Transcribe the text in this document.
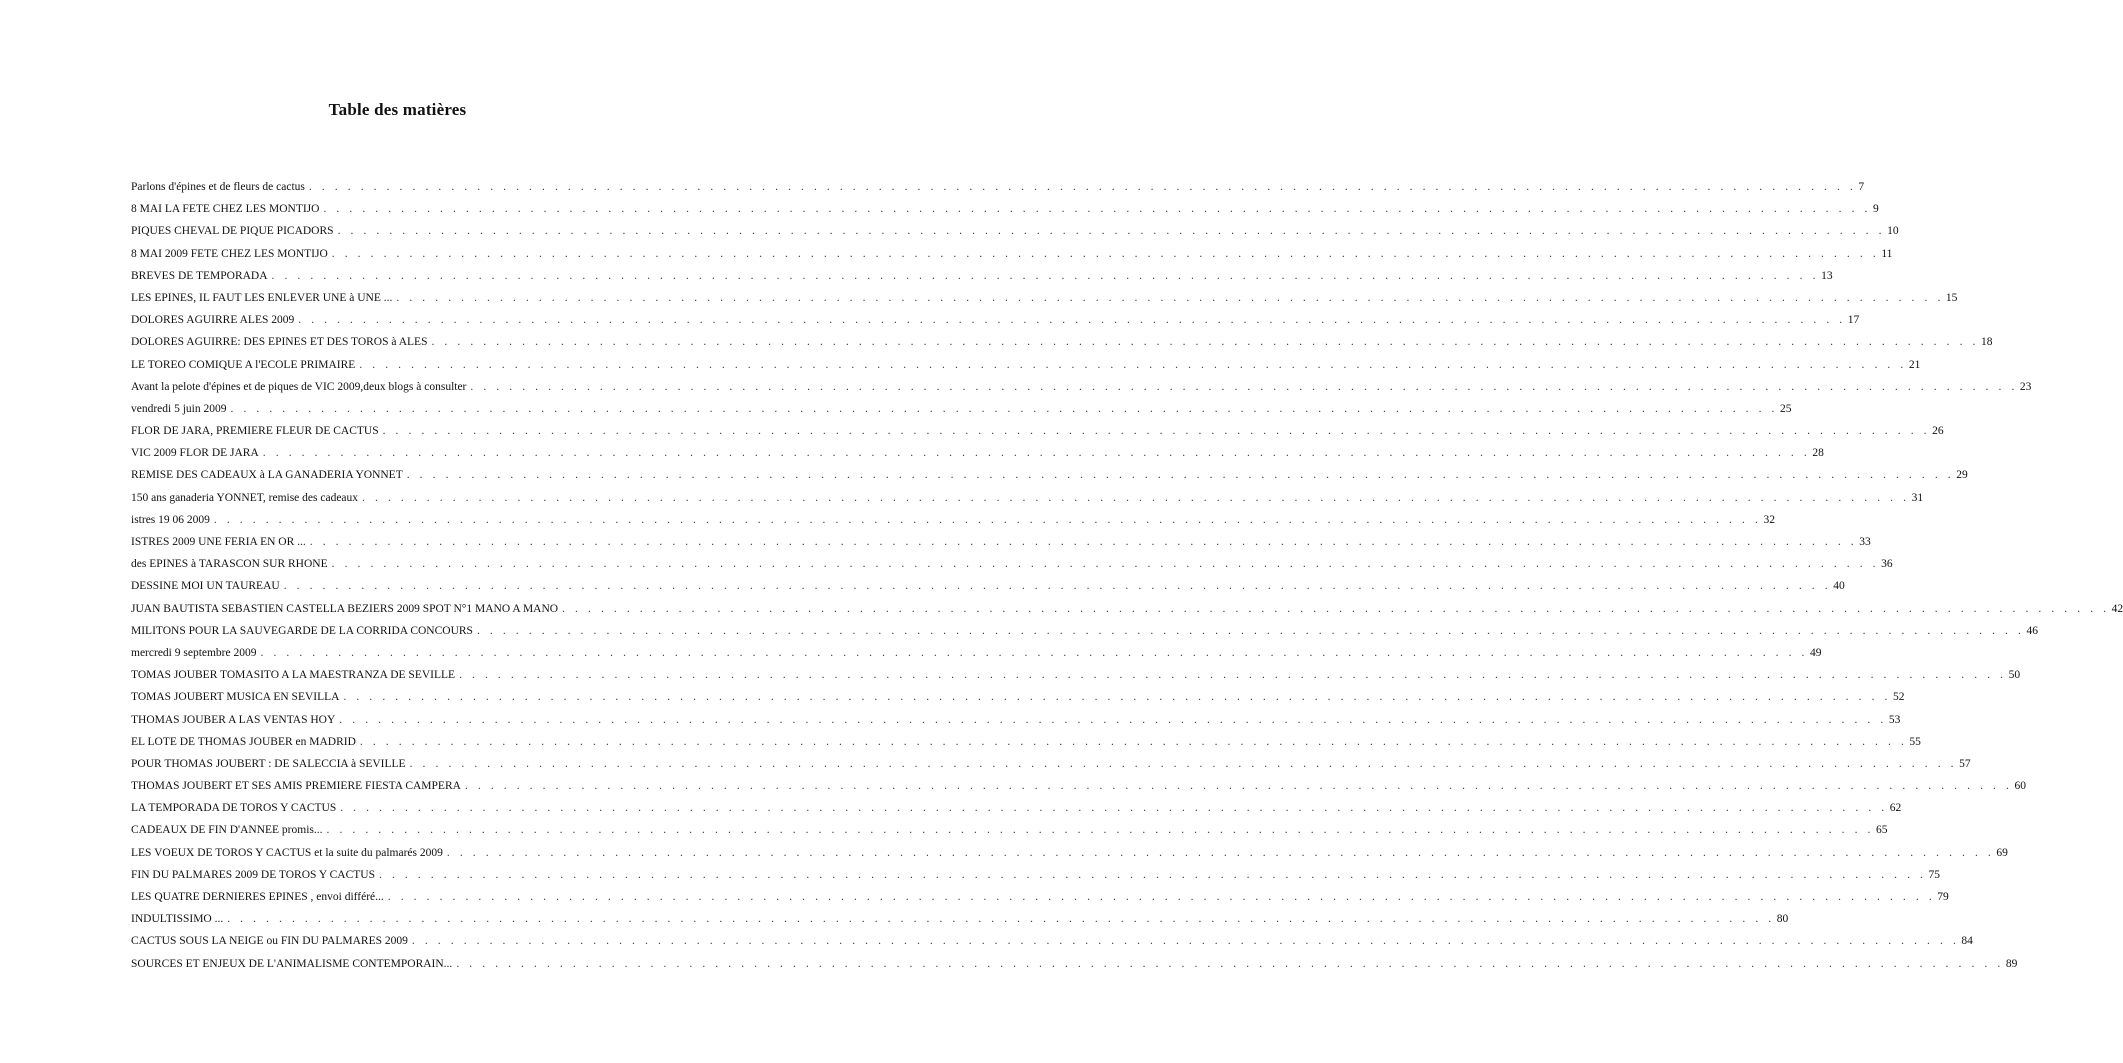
Table des matières
Parlons d'épines et de fleurs de cactus . . . . . . . . . . . . . . . . . . . . . . . . . . . . . . . . . . . . . . . . . . . . . . . . . . . . . . . . . . . . . . . . . . . . . . . . . . . . . . . . . . . . . . . . . . . . . . . . . . . . . . . . . . . . . . . . . . . . . . . . 7
8 MAI LA FETE CHEZ LES MONTIJO . . . . . . . . . . . . . . . . . . . . . . . . . . . . . . . . . . . . . . . . . . . . . . . . . . . . . . . . . . . . . . . . . . . . . . . . . . . . . . . . . . . . . . . . . . . . . . . . . . . . . . . . . . . . . . . . . . . . . . . . 9
PIQUES CHEVAL DE PIQUE PICADORS . . . . . . . . . . . . . . . . . . . . . . . . . . . . . . . . . . . . . . . . . . . . . . . . . . . . . . . . . . . . . . . . . . . . . . . . . . . . . . . . . . . . . . . . . . . . . . . . . . . . . . . . . . . . . . . . . . . . . . . . 10
8 MAI 2009 FETE CHEZ LES MONTIJO . . . . . . . . . . . . . . . . . . . . . . . . . . . . . . . . . . . . . . . . . . . . . . . . . . . . . . . . . . . . . . . . . . . . . . . . . . . . . . . . . . . . . . . . . . . . . . . . . . . . . . . . . . . . . . . . . . . . . . . . 11
BREVES DE TEMPORADA . . . . . . . . . . . . . . . . . . . . . . . . . . . . . . . . . . . . . . . . . . . . . . . . . . . . . . . . . . . . . . . . . . . . . . . . . . . . . . . . . . . . . . . . . . . . . . . . . . . . . . . . . . . . . . . . . . . . . . . . 13
LES EPINES, IL FAUT LES ENLEVER UNE à UNE ... . . . . . . . . . . . . . . . . . . . . . . . . . . . . . . . . . . . . . . . . . . . . . . . . . . . . . . . . . . . . . . . . . . . . . . . . . . . . . . . . . . . . . . . . . . . . . . . . . . . . . . . . . . . . . . . . . . . . . . . . 15
DOLORES AGUIRRE ALES 2009 . . . . . . . . . . . . . . . . . . . . . . . . . . . . . . . . . . . . . . . . . . . . . . . . . . . . . . . . . . . . . . . . . . . . . . . . . . . . . . . . . . . . . . . . . . . . . . . . . . . . . . . . . . . . . . . . . . . . . . . . 17
DOLORES AGUIRRE: DES EPINES ET DES TOROS à ALES . . . . . . . . . . . . . . . . . . . . . . . . . . . . . . . . . . . . . . . . . . . . . . . . . . . . . . . . . . . . . . . . . . . . . . . . . . . . . . . . . . . . . . . . . . . . . . . . . . . . . . . . . . . . . . . . . . . . . . . . 18
LE TOREO COMIQUE A l'ECOLE PRIMAIRE . . . . . . . . . . . . . . . . . . . . . . . . . . . . . . . . . . . . . . . . . . . . . . . . . . . . . . . . . . . . . . . . . . . . . . . . . . . . . . . . . . . . . . . . . . . . . . . . . . . . . . . . . . . . . . . . . . . . . . . . 21
Avant la pelote d'épines et de piques de VIC 2009,deux blogs à consulter . . . . . . . . . . . . . . . . . . . . . . . . . . . . . . . . . . . . . . . . . . . . . . . . . . . . . . . . . . . . . . . . . . . . . . . . . . . . . . . . . . . . . . . . . . . . . . . . . . . . . . . . . . . . . . . . . . . . . . . . 23
vendredi 5 juin 2009 . . . . . . . . . . . . . . . . . . . . . . . . . . . . . . . . . . . . . . . . . . . . . . . . . . . . . . . . . . . . . . . . . . . . . . . . . . . . . . . . . . . . . . . . . . . . . . . . . . . . . . . . . . . . . . . . . . . . . . . . 25
FLOR DE JARA, PREMIERE FLEUR DE CACTUS . . . . . . . . . . . . . . . . . . . . . . . . . . . . . . . . . . . . . . . . . . . . . . . . . . . . . . . . . . . . . . . . . . . . . . . . . . . . . . . . . . . . . . . . . . . . . . . . . . . . . . . . . . . . . . . . . . . . . . . . 26
VIC 2009 FLOR DE JARA . . . . . . . . . . . . . . . . . . . . . . . . . . . . . . . . . . . . . . . . . . . . . . . . . . . . . . . . . . . . . . . . . . . . . . . . . . . . . . . . . . . . . . . . . . . . . . . . . . . . . . . . . . . . . . . . . . . . . . . . 28
REMISE DES CADEAUX à LA GANADERIA YONNET . . . . . . . . . . . . . . . . . . . . . . . . . . . . . . . . . . . . . . . . . . . . . . . . . . . . . . . . . . . . . . . . . . . . . . . . . . . . . . . . . . . . . . . . . . . . . . . . . . . . . . . . . . . . . . . . . . . . . . . . 29
150 ans ganaderia YONNET, remise des cadeaux . . . . . . . . . . . . . . . . . . . . . . . . . . . . . . . . . . . . . . . . . . . . . . . . . . . . . . . . . . . . . . . . . . . . . . . . . . . . . . . . . . . . . . . . . . . . . . . . . . . . . . . . . . . . . . . . . . . . . . . . 31
istres 19 06 2009 . . . . . . . . . . . . . . . . . . . . . . . . . . . . . . . . . . . . . . . . . . . . . . . . . . . . . . . . . . . . . . . . . . . . . . . . . . . . . . . . . . . . . . . . . . . . . . . . . . . . . . . . . . . . . . . . . . . . . . . . 32
ISTRES 2009 UNE FERIA EN OR ... . . . . . . . . . . . . . . . . . . . . . . . . . . . . . . . . . . . . . . . . . . . . . . . . . . . . . . . . . . . . . . . . . . . . . . . . . . . . . . . . . . . . . . . . . . . . . . . . . . . . . . . . . . . . . . . . . . . . . . . . 33
des EPINES à TARASCON SUR RHONE . . . . . . . . . . . . . . . . . . . . . . . . . . . . . . . . . . . . . . . . . . . . . . . . . . . . . . . . . . . . . . . . . . . . . . . . . . . . . . . . . . . . . . . . . . . . . . . . . . . . . . . . . . . . . . . . . . . . . . . . 36
DESSINE MOI UN TAUREAU . . . . . . . . . . . . . . . . . . . . . . . . . . . . . . . . . . . . . . . . . . . . . . . . . . . . . . . . . . . . . . . . . . . . . . . . . . . . . . . . . . . . . . . . . . . . . . . . . . . . . . . . . . . . . . . . . . . . . . . . 40
JUAN BAUTISTA SEBASTIEN CASTELLA BEZIERS 2009 SPOT N°1 MANO A MANO . . . . . . . . . . . . . . . . . . . . . . . . . . . . . . . . . . . . . . . . . . . . . . . . . . . . . . . . . . . . . . . . . . . . . . . . . . . . . . . . . . . . . . . . . . . . . . . . . . . . . . . . . . . . . . . . . . . . . . . . 42
MILITONS POUR LA SAUVEGARDE DE LA CORRIDA CONCOURS . . . . . . . . . . . . . . . . . . . . . . . . . . . . . . . . . . . . . . . . . . . . . . . . . . . . . . . . . . . . . . . . . . . . . . . . . . . . . . . . . . . . . . . . . . . . . . . . . . . . . . . . . . . . . . . . . . . . . . . . 46
mercredi 9 septembre 2009 . . . . . . . . . . . . . . . . . . . . . . . . . . . . . . . . . . . . . . . . . . . . . . . . . . . . . . . . . . . . . . . . . . . . . . . . . . . . . . . . . . . . . . . . . . . . . . . . . . . . . . . . . . . . . . . . . . . . . . . . 49
TOMAS JOUBER TOMASITO A LA MAESTRANZA DE SEVILLE . . . . . . . . . . . . . . . . . . . . . . . . . . . . . . . . . . . . . . . . . . . . . . . . . . . . . . . . . . . . . . . . . . . . . . . . . . . . . . . . . . . . . . . . . . . . . . . . . . . . . . . . . . . . . . . . . . . . . . . . 50
TOMAS JOUBERT MUSICA EN SEVILLA . . . . . . . . . . . . . . . . . . . . . . . . . . . . . . . . . . . . . . . . . . . . . . . . . . . . . . . . . . . . . . . . . . . . . . . . . . . . . . . . . . . . . . . . . . . . . . . . . . . . . . . . . . . . . . . . . . . . . . . . 52
THOMAS JOUBER A LAS VENTAS HOY . . . . . . . . . . . . . . . . . . . . . . . . . . . . . . . . . . . . . . . . . . . . . . . . . . . . . . . . . . . . . . . . . . . . . . . . . . . . . . . . . . . . . . . . . . . . . . . . . . . . . . . . . . . . . . . . . . . . . . . . 53
EL LOTE DE THOMAS JOUBER en MADRID . . . . . . . . . . . . . . . . . . . . . . . . . . . . . . . . . . . . . . . . . . . . . . . . . . . . . . . . . . . . . . . . . . . . . . . . . . . . . . . . . . . . . . . . . . . . . . . . . . . . . . . . . . . . . . . . . . . . . . . . 55
POUR THOMAS JOUBERT : DE SALECCIA à SEVILLE . . . . . . . . . . . . . . . . . . . . . . . . . . . . . . . . . . . . . . . . . . . . . . . . . . . . . . . . . . . . . . . . . . . . . . . . . . . . . . . . . . . . . . . . . . . . . . . . . . . . . . . . . . . . . . . . . . . . . . . . 57
THOMAS JOUBERT ET SES AMIS PREMIERE FIESTA CAMPERA . . . . . . . . . . . . . . . . . . . . . . . . . . . . . . . . . . . . . . . . . . . . . . . . . . . . . . . . . . . . . . . . . . . . . . . . . . . . . . . . . . . . . . . . . . . . . . . . . . . . . . . . . . . . . . . . . . . . . . . . 60
LA TEMPORADA DE TOROS Y CACTUS . . . . . . . . . . . . . . . . . . . . . . . . . . . . . . . . . . . . . . . . . . . . . . . . . . . . . . . . . . . . . . . . . . . . . . . . . . . . . . . . . . . . . . . . . . . . . . . . . . . . . . . . . . . . . . . . . . . . . . . . 62
CADEAUX DE FIN D'ANNEE promis... . . . . . . . . . . . . . . . . . . . . . . . . . . . . . . . . . . . . . . . . . . . . . . . . . . . . . . . . . . . . . . . . . . . . . . . . . . . . . . . . . . . . . . . . . . . . . . . . . . . . . . . . . . . . . . . . . . . . . . . . 65
LES VOEUX DE TOROS Y CACTUS et la suite du palmarés 2009 . . . . . . . . . . . . . . . . . . . . . . . . . . . . . . . . . . . . . . . . . . . . . . . . . . . . . . . . . . . . . . . . . . . . . . . . . . . . . . . . . . . . . . . . . . . . . . . . . . . . . . . . . . . . . . . . . . . . . . . . 69
FIN DU PALMARES 2009 DE TOROS Y CACTUS . . . . . . . . . . . . . . . . . . . . . . . . . . . . . . . . . . . . . . . . . . . . . . . . . . . . . . . . . . . . . . . . . . . . . . . . . . . . . . . . . . . . . . . . . . . . . . . . . . . . . . . . . . . . . . . . . . . . . . . . 75
LES QUATRE DERNIERES EPINES , envoi différé... . . . . . . . . . . . . . . . . . . . . . . . . . . . . . . . . . . . . . . . . . . . . . . . . . . . . . . . . . . . . . . . . . . . . . . . . . . . . . . . . . . . . . . . . . . . . . . . . . . . . . . . . . . . . . . . . . . . . . . . . 79
INDULTISSIMO ... . . . . . . . . . . . . . . . . . . . . . . . . . . . . . . . . . . . . . . . . . . . . . . . . . . . . . . . . . . . . . . . . . . . . . . . . . . . . . . . . . . . . . . . . . . . . . . . . . . . . . . . . . . . . . . . . . . . . . . . . 80
CACTUS SOUS LA NEIGE ou FIN DU PALMARES 2009 . . . . . . . . . . . . . . . . . . . . . . . . . . . . . . . . . . . . . . . . . . . . . . . . . . . . . . . . . . . . . . . . . . . . . . . . . . . . . . . . . . . . . . . . . . . . . . . . . . . . . . . . . . . . . . . . . . . . . . . . 84
SOURCES ET ENJEUX DE L'ANIMALISME CONTEMPORAIN... . . . . . . . . . . . . . . . . . . . . . . . . . . . . . . . . . . . . . . . . . . . . . . . . . . . . . . . . . . . . . . . . . . . . . . . . . . . . . . . . . . . . . . . . . . . . . . . . . . . . . . . . . . . . . . . . . . . . . . . . 89
